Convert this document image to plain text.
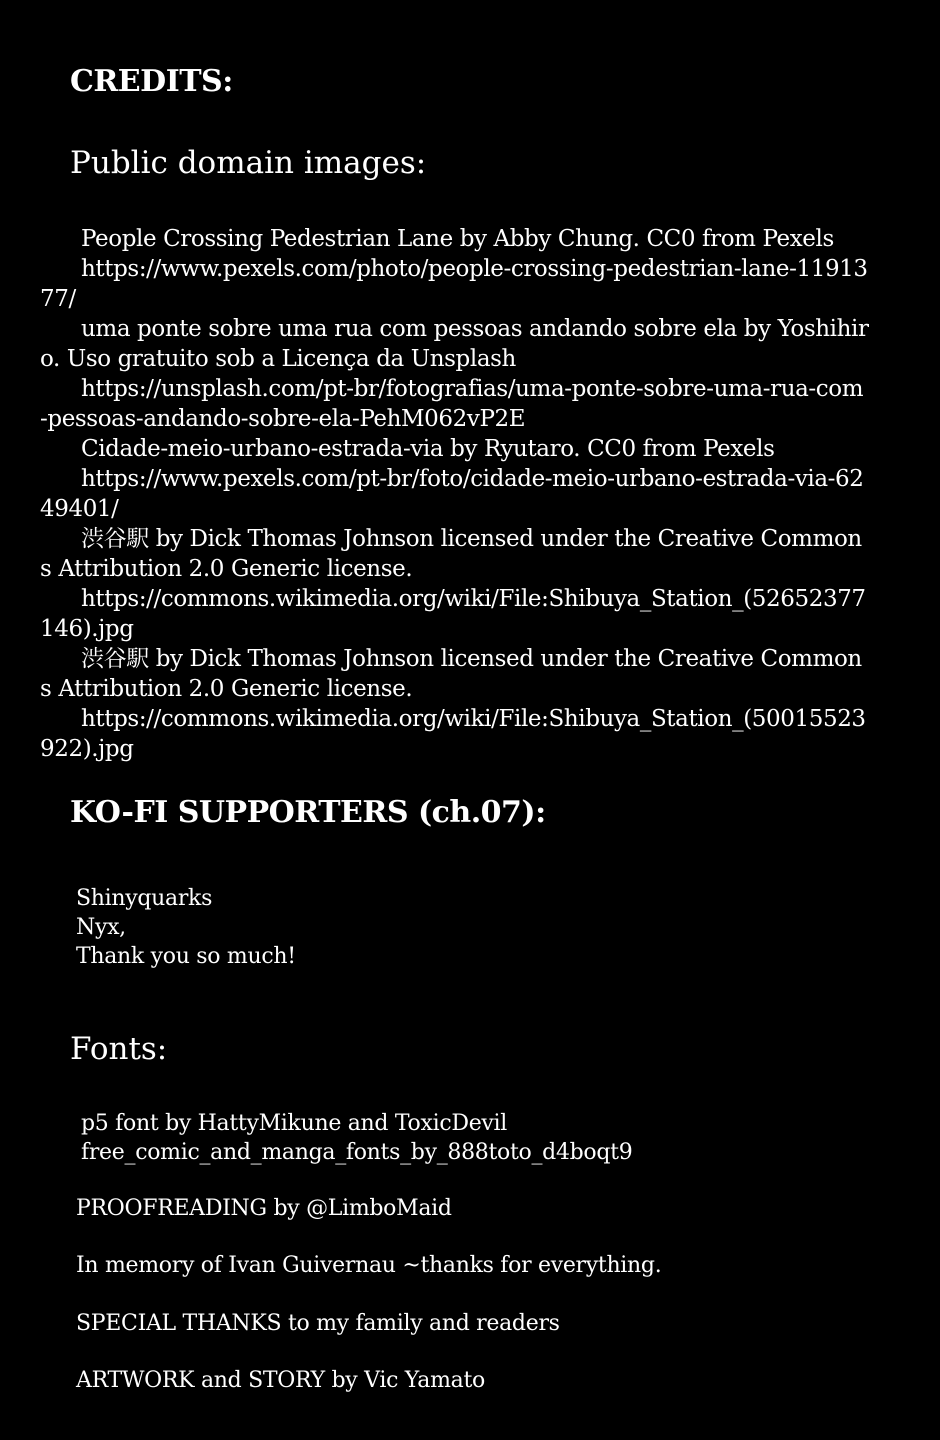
CREDITS:
Public domain images:

People Crossing Pedestrian Lane by Abby Chung. CC0 from Pexels

https://www.pexels.com/photo/people-crossing-pedestrian-lane-1191377/

uma ponte sobre uma rua com pessoas andando sobre ela by Yoshihiro. Uso gratuito sob a Licença da Unsplash

https://unsplash.com/pt-br/fotografias/uma-ponte-sobre-uma-rua-com-pessoas-andando-sobre-ela-PehM062vP2E

Cidade-meio-urbano-estrada-via by Ryutaro. CC0 from Pexels

https://www.pexels.com/pt-br/foto/cidade-meio-urbano-estrada-via-6249401/

渋谷駅 by Dick Thomas Johnson licensed under the Creative Commons Attribution 2.0 Generic license.

https://commons.wikimedia.org/wiki/File:Shibuya_Station_(52652377146).jpg

渋谷駅 by Dick Thomas Johnson licensed under the Creative Commons Attribution 2.0 Generic license.

https://commons.wikimedia.org/wiki/File:Shibuya_Station_(50015523922).jpg

KO-FI SUPPORTERS (ch.07):
Shinyquarks
Nyx,
Thank you so much!
Fonts:
p5 font by HattyMikune and ToxicDevil
free_comic_and_manga_fonts_by_888toto_d4boqt9
PROOFREADING by @LimboMaid
In memory of Ivan Guivernau ~thanks for everything.
SPECIAL THANKS to my family and readers
ARTWORK and STORY by Vic Yamato
